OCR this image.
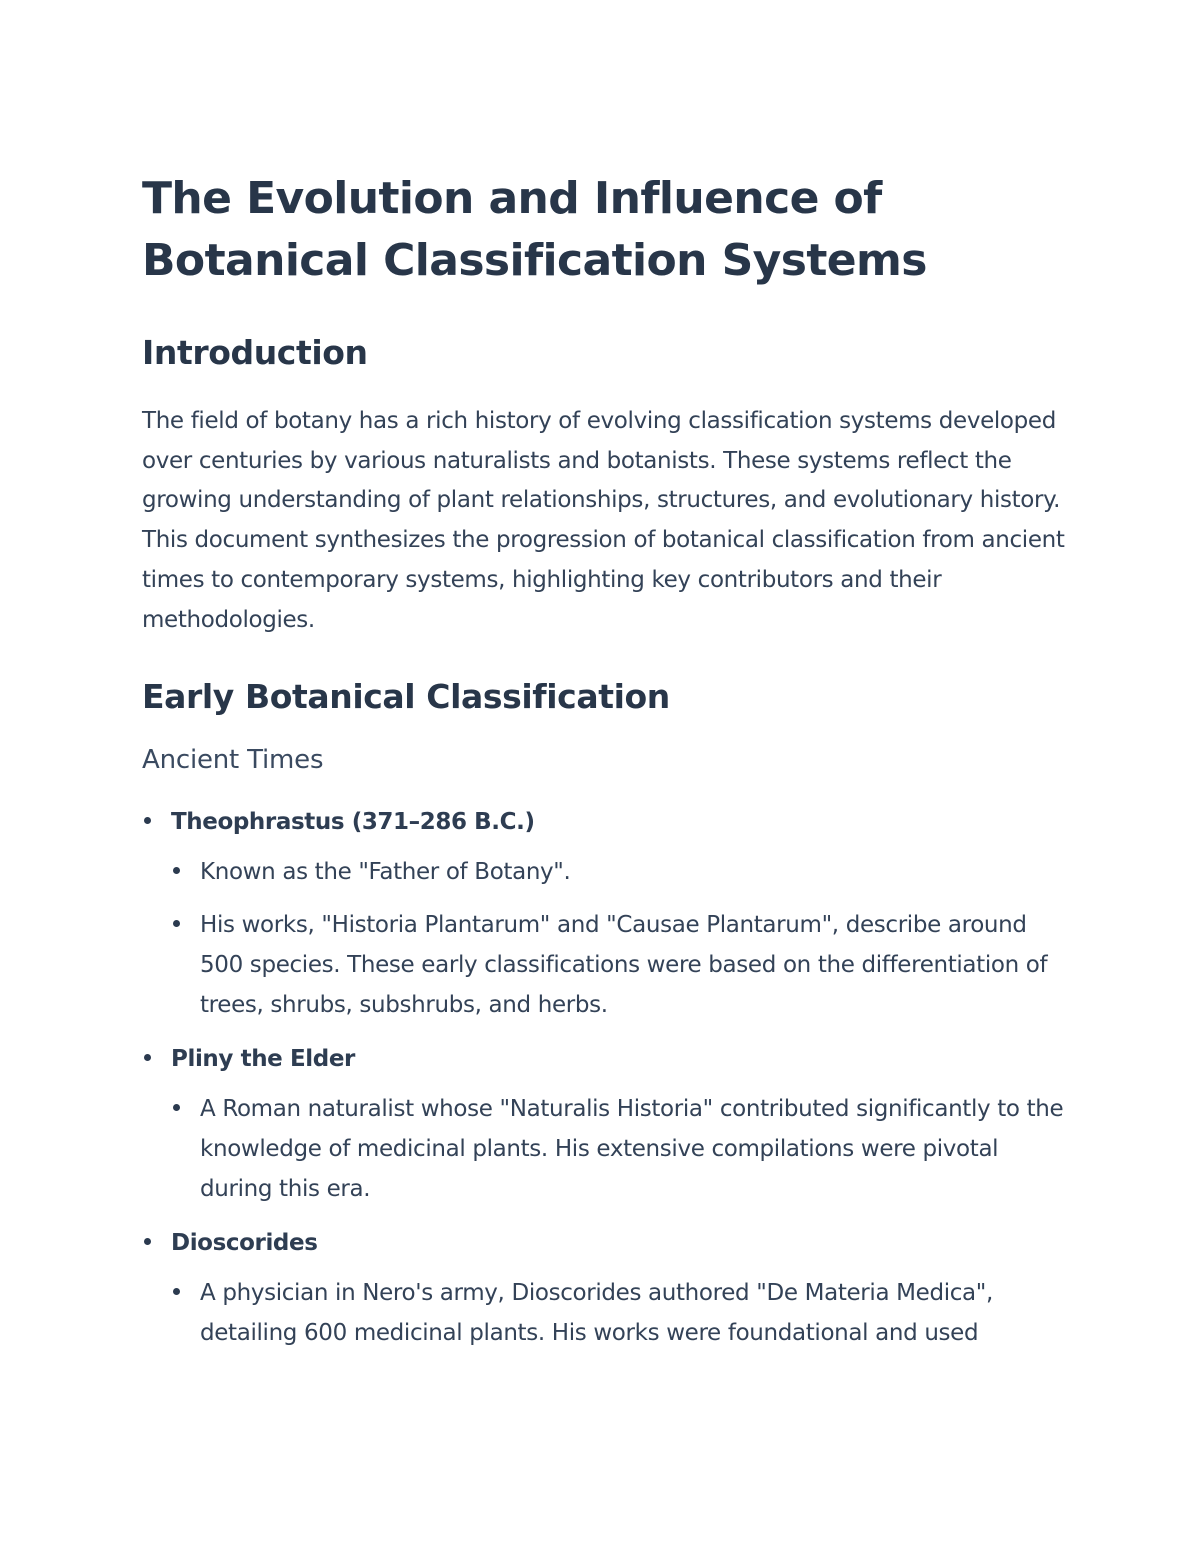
The Evolution and Influence of Botanical Classification Systems
Introduction

The field of botany has a rich history of evolving classification systems developed over centuries by various naturalists and botanists. These systems reflect the growing understanding of plant relationships, structures, and evolutionary history. This document synthesizes the progression of botanical classification from ancient times to contemporary systems, highlighting key contributors and their methodologies.

Early Botanical Classification
Ancient Times
Theophrastus (371–286 B.C.)
Known as the "Father of Botany".
His works, "Historia Plantarum" and "Causae Plantarum", describe around 500 species. These early classifications were based on the differentiation of trees, shrubs, subshrubs, and herbs.
Pliny the Elder
A Roman naturalist whose "Naturalis Historia" contributed significantly to the knowledge of medicinal plants. His extensive compilations were pivotal during this era.
Dioscorides
A physician in Nero's army, Dioscorides authored "De Materia Medica", detailing 600 medicinal plants. His works were foundational and used
